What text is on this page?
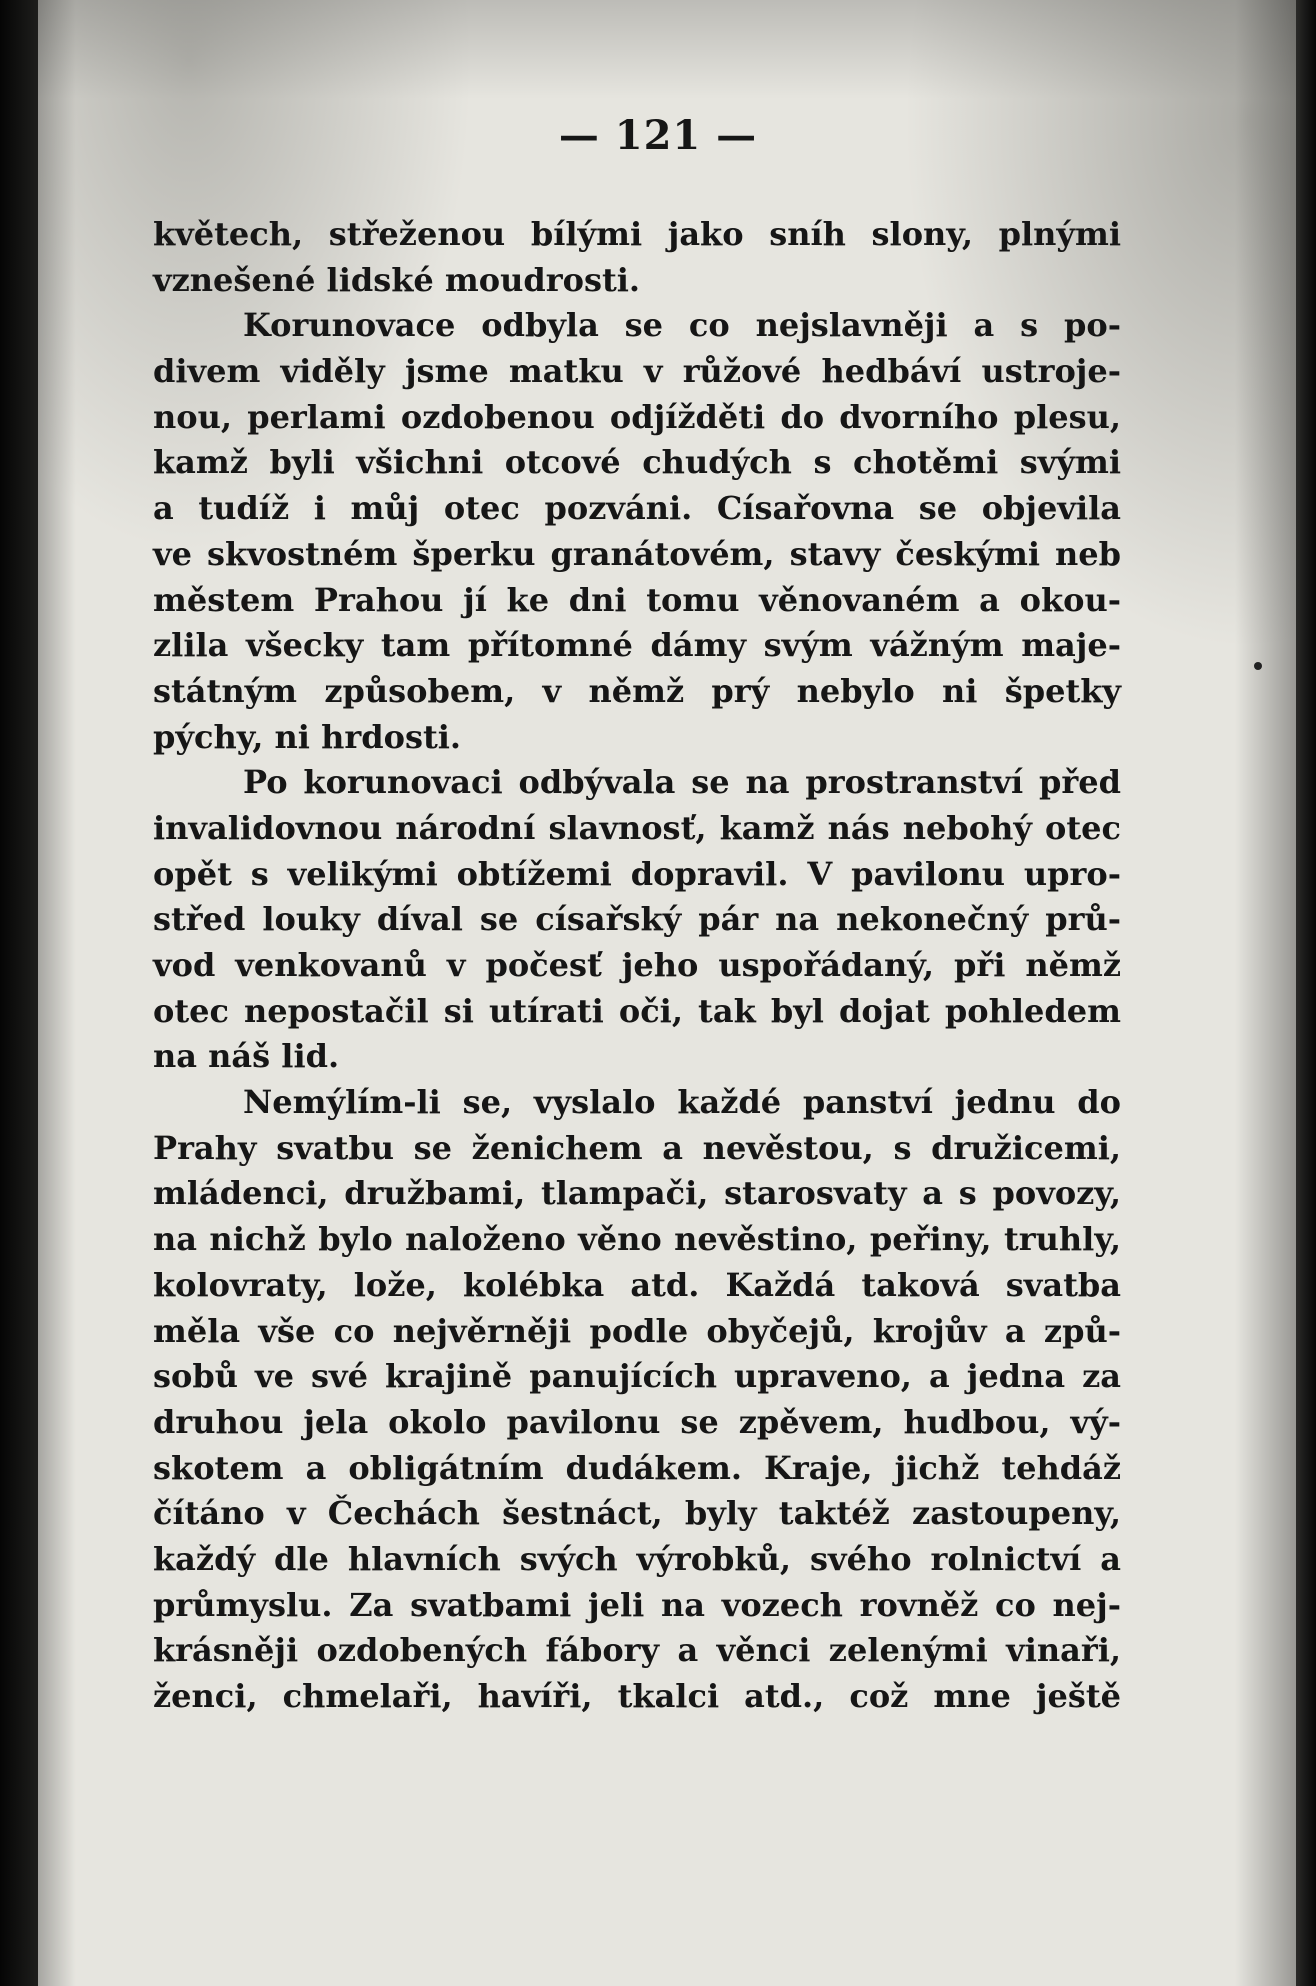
— 121 —
květech, střeženou bílými jako sníh slony, plnými
vznešené lidské moudrosti.
Korunovace odbyla se co nejslavněji a s po-
divem viděly jsme matku v růžové hedbáví ustroje-
nou, perlami ozdobenou odjížděti do dvorního plesu,
kamž byli všichni otcové chudých s chotěmi svými
a tudíž i můj otec pozváni. Císařovna se objevila
ve skvostném šperku granátovém, stavy českými neb
městem Prahou jí ke dni tomu věnovaném a okou-
zlila všecky tam přítomné dámy svým vážným maje-
státným způsobem, v němž prý nebylo ni špetky
pýchy, ni hrdosti.
Po korunovaci odbývala se na prostranství před
invalidovnou národní slavnosť, kamž nás nebohý otec
opět s velikými obtížemi dopravil. V pavilonu upro-
střed louky díval se císařský pár na nekonečný prů-
vod venkovanů v počesť jeho uspořádaný, při němž
otec nepostačil si utírati oči, tak byl dojat pohledem
na náš lid.
Nemýlím-li se, vyslalo každé panství jednu do
Prahy svatbu se ženichem a nevěstou, s družicemi,
mládenci, družbami, tlampači, starosvaty a s povozy,
na nichž bylo naloženo věno nevěstino, peřiny, truhly,
kolovraty, lože, kolébka atd. Každá taková svatba
měla vše co nejvěrněji podle obyčejů, krojův a způ-
sobů ve své krajině panujících upraveno, a jedna za
druhou jela okolo pavilonu se zpěvem, hudbou, vý-
skotem a obligátním dudákem. Kraje, jichž tehdáž
čítáno v Čechách šestnáct, byly taktéž zastoupeny,
každý dle hlavních svých výrobků, svého rolnictví a
průmyslu. Za svatbami jeli na vozech rovněž co nej-
krásněji ozdobených fábory a věnci zelenými vinaři,
ženci, chmelaři, havíři, tkalci atd., což mne ještě
